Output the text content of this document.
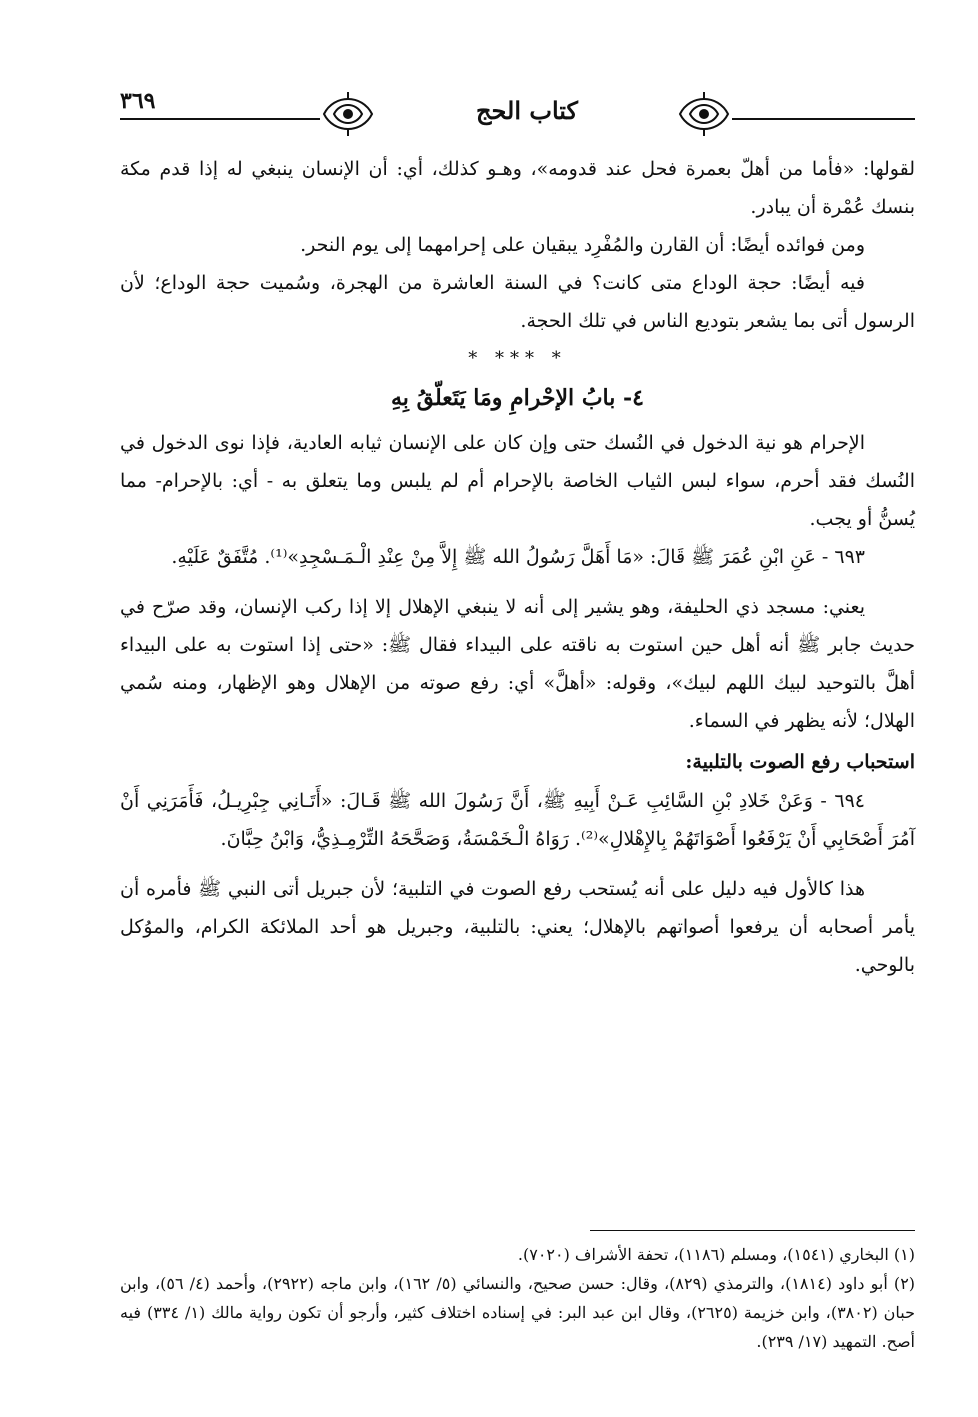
٣٦٩	كتاب الحج

لقولها: «فأما من أهلّ بعمرة فحل عند قدومه»، وهـو كذلك، أي: أن الإنسان ينبغي له إذا قدم مكة بنسك عُمْرة أن يبادر.

ومن فوائده أيضًا: أن القارن والمُفْرِد يبقيان على إحرامهما إلى يوم النحر.

فيه أيضًا: حجة الوداع متى كانت؟ في السنة العاشرة من الهجرة، وسُميت حجة الوداع؛ لأن الرسول أتى بما يشعر بتوديع الناس في تلك الحجة.

* *** *
٤- بابُ الإحْرامِ ومَا يَتَعلّقُ بِهِ

الإحرام هو نية الدخول في النُسك حتى وإن كان على الإنسان ثيابه العادية، فإذا نوى الدخول في النُسك فقد أحرم، سواء لبس الثياب الخاصة بالإحرام أم لم يلبس وما يتعلق به - أي: بالإحرام- مما يُسنُّ أو يجب.

٦٩٣ - عَنِ ابْنِ عُمَرَ ﷺ قَالَ: «مَا أَهَلَّ رَسُولُ الله ﷺ إِلاَّ مِنْ عِنْدِ الْـمَـسْجِدِ»⁽¹⁾. مُتَّفَقٌ عَلَيْهِ.

يعني: مسجد ذي الحليفة، وهو يشير إلى أنه لا ينبغي الإهلال إلا إذا ركب الإنسان، وقد صرّح في حديث جابر ﷺ أنه أهل حين استوت به ناقته على البيداء فقال ﷺ: «حتى إذا استوت به على البيداء أهلَّ بالتوحيد لبيك اللهم لبيك»، وقوله: «أهلَّ» أي: رفع صوته من الإهلال وهو الإظهار، ومنه سُمي الهلال؛ لأنه يظهر في السماء.

استحباب رفع الصوت بالتلبية:

٦٩٤ - وَعَنْ خَلادِ بْنِ السَّائِبِ عَـنْ أَبِيهِ ﷺ، أَنَّ رَسُولَ الله ﷺ قَـالَ: «أَتَـانِي جِبْرِيـلُ، فَأَمَرَنِي أَنْ آمُرَ أَصْحَابِي أَنْ يَرْفَعُوا أَصْوَاتَهُمْ بِالإِهْلالِ»⁽²⁾. رَوَاهُ الْـخَمْسَةُ، وَصَحَّحَهُ التِّرْمِـذِيُّ، وَابْنُ حِبَّانَ.

هذا كالأول فيه دليل على أنه يُستحب رفع الصوت في التلبية؛ لأن جبريل أتى النبي ﷺ فأمره أن يأمر أصحابه أن يرفعوا أصواتهم بالإهلال؛ يعني: بالتلبية، وجبريل هو أحد الملائكة الكرام، والموُكل بالوحي.

(١) البخاري (١٥٤١)، ومسلم (١١٨٦)، تحفة الأشراف (٧٠٢٠).

(٢) أبو داود (١٨١٤)، والترمذي (٨٢٩)، وقال: حسن صحيح، والنسائي (٥/ ١٦٢)، وابن ماجه (٢٩٢٢)، وأحمد (٤/ ٥٦)، وابن حبان (٣٨٠٢)، وابن خزيمة (٢٦٢٥)، وقال ابن عبد البر: في إسناده اختلاف كثير، وأرجو أن تكون رواية مالك (١/ ٣٣٤) فيه أصح. التمهيد (١٧/ ٢٣٩).
